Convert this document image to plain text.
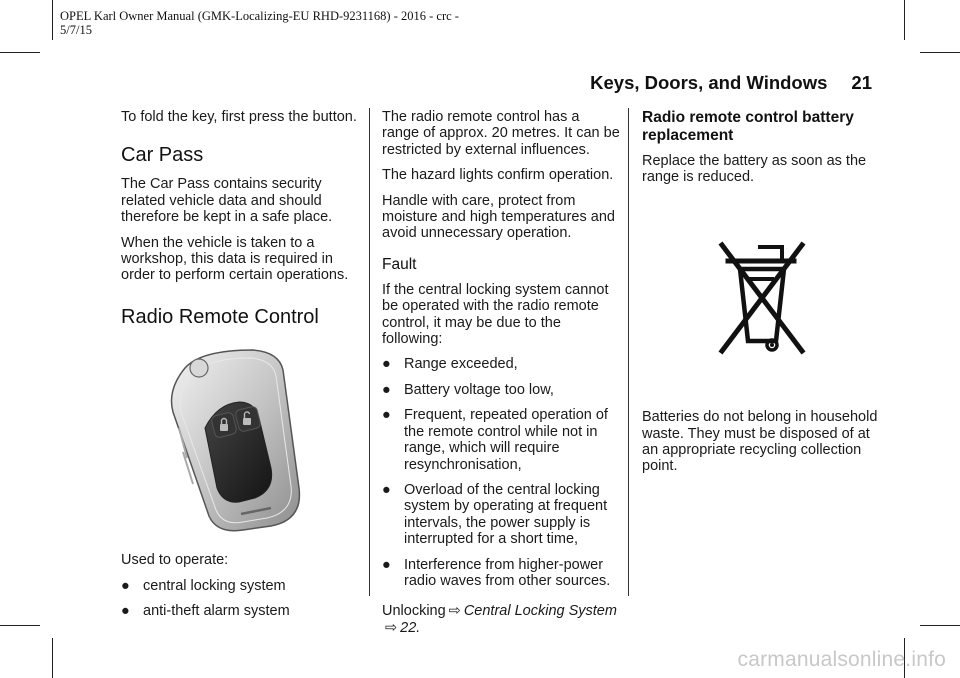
OPEL Karl Owner Manual (GMK-Localizing-EU RHD-9231168) - 2016 - crc -
5/7/15
Keys, Doors, and Windows 21

To fold the key, first press the button.

Car Pass

The Car Pass contains security related vehicle data and should therefore be kept in a safe place.

When the vehicle is taken to a workshop, this data is required in order to perform certain operations.

Radio Remote Control

Used to operate:

● central locking system
● anti-theft alarm system

The radio remote control has a range of approx. 20 metres. It can be restricted by external influences.

The hazard lights confirm operation.

Handle with care, protect from moisture and high temperatures and avoid unnecessary operation.

Fault

If the central locking system cannot be operated with the radio remote control, it may be due to the following:

● Range exceeded,
● Battery voltage too low,
● Frequent, repeated operation of the remote control while not in range, which will require resynchronisation,
● Overload of the central locking system by operating at frequent intervals, the power supply is interrupted for a short time,
● Interference from higher-power radio waves from other sources.

Unlocking ⇨ Central Locking System⇨ 22.

Radio remote control battery replacement

Replace the battery as soon as the range is reduced.

Batteries do not belong in household waste. They must be disposed of at an appropriate recycling collection point.

carmanualsonline.info
